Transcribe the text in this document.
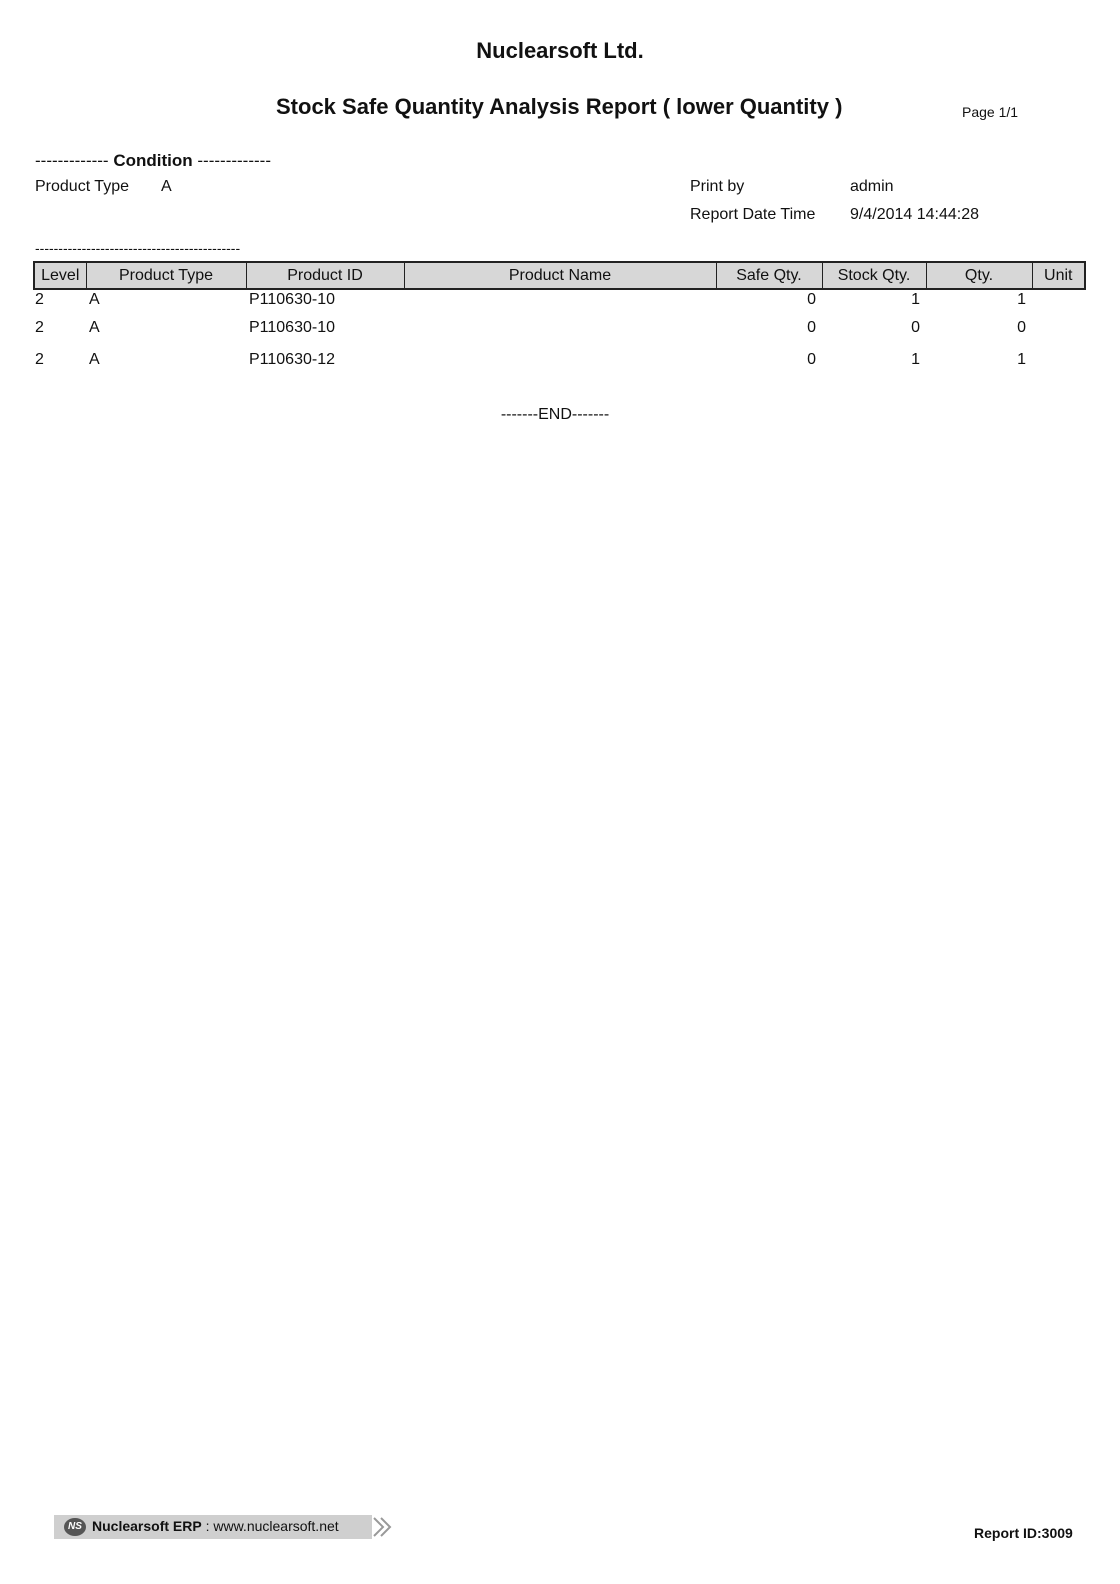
Nuclearsoft Ltd.
Stock Safe Quantity Analysis Report ( lower Quantity )	Page 1/1
------------- Condition -------------
Product Type A	Print by	admin
Report Date Time 9/4/2014 14:44:28
--------------------------------------------
Level	Product Type	Product ID	Product Name	Safe Qty.	Stock Qty.	Qty.	Unit
2	A	P110630-10		0	1	1	
2	A	P110630-10		0	0	0	
2	A	P110630-12		0	1	1	
-------END-------
NS Nuclearsoft ERP : www.nuclearsoft.net	Report ID:3009
